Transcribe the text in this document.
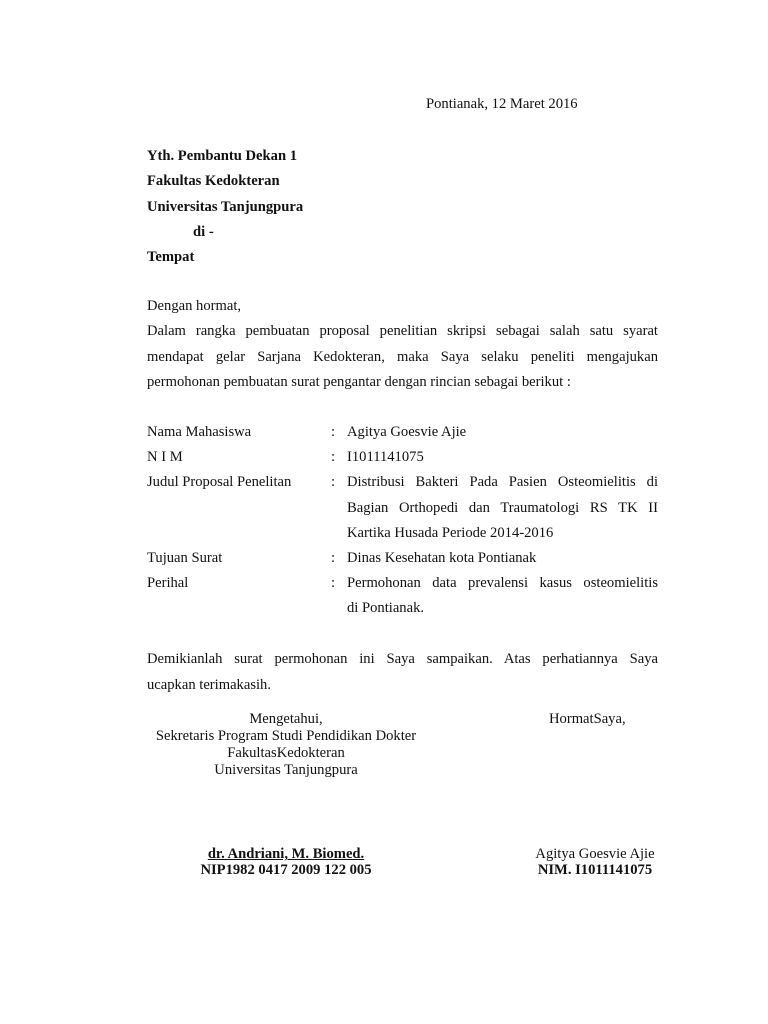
Pontianak, 12 Maret 2016
Yth. Pembantu Dekan 1
Fakultas Kedokteran
Universitas Tanjungpura
di -
Tempat
Dengan hormat,
Dalam rangka pembuatan proposal penelitian skripsi sebagai salah satu syarat
mendapat gelar Sarjana Kedokteran, maka Saya selaku peneliti mengajukan
permohonan pembuatan surat pengantar dengan rincian sebagai berikut :
Nama Mahasiswa	: Agitya Goesvie Ajie
N I M	: I1011141075
Judul Proposal Penelitan	: Distribusi Bakteri Pada Pasien Osteomielitis di
Bagian Orthopedi dan Traumatologi RS TK II
Kartika Husada Periode 2014-2016
Tujuan Surat	: Dinas Kesehatan kota Pontianak
Perihal	: Permohonan data prevalensi kasus osteomielitis
di Pontianak.
Demikianlah surat permohonan ini Saya sampaikan. Atas perhatiannya Saya
ucapkan terimakasih.
Mengetahui,
Sekretaris Program Studi Pendidikan Dokter
FakultasKedokteran
Universitas Tanjungpura
dr. Andriani, M. Biomed.
NIP1982 0417 2009 122 005
HormatSaya,
Agitya Goesvie Ajie
NIM. I1011141075
